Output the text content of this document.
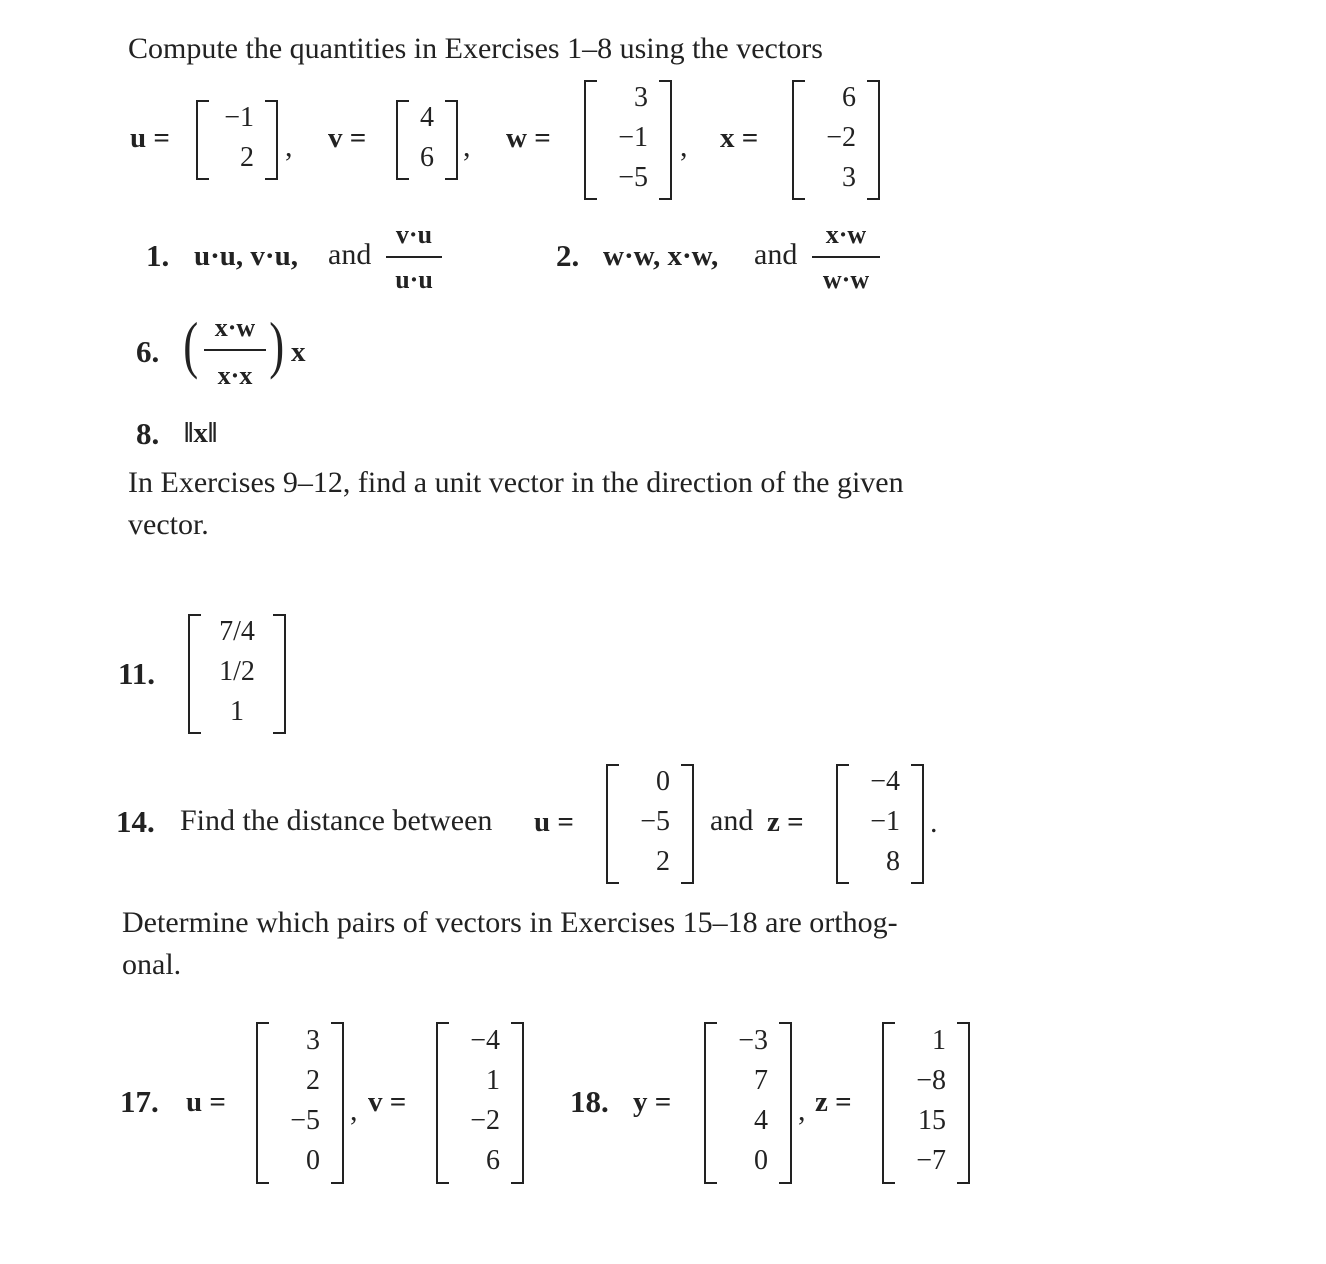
Compute the quantities in Exercises 1–8 using the vectors
u =
−1
2	, v =
4
6 , w =
3
−1
−5
, x =
6
−2
3
1. u·u, v·u, and
v·u
u·u
2. w·w, x·w, and
x·w
w·w
6. ( x·w
x·x ) x
8. ‖x‖
In Exercises 9–12, find a unit vector in the direction of the given
vector.
11.
7/4
1/2
1
14. Find the distance between u =
0
−5
2
and z =
−4
−1
8
.
Determine which pairs of vectors in Exercises 15–18 are orthog-
onal.
17. u =
3
2
−5
0
, v =
−4
1
−2
6
18. y =
−3
7
4
0
, z =
1
−8
15
−7
